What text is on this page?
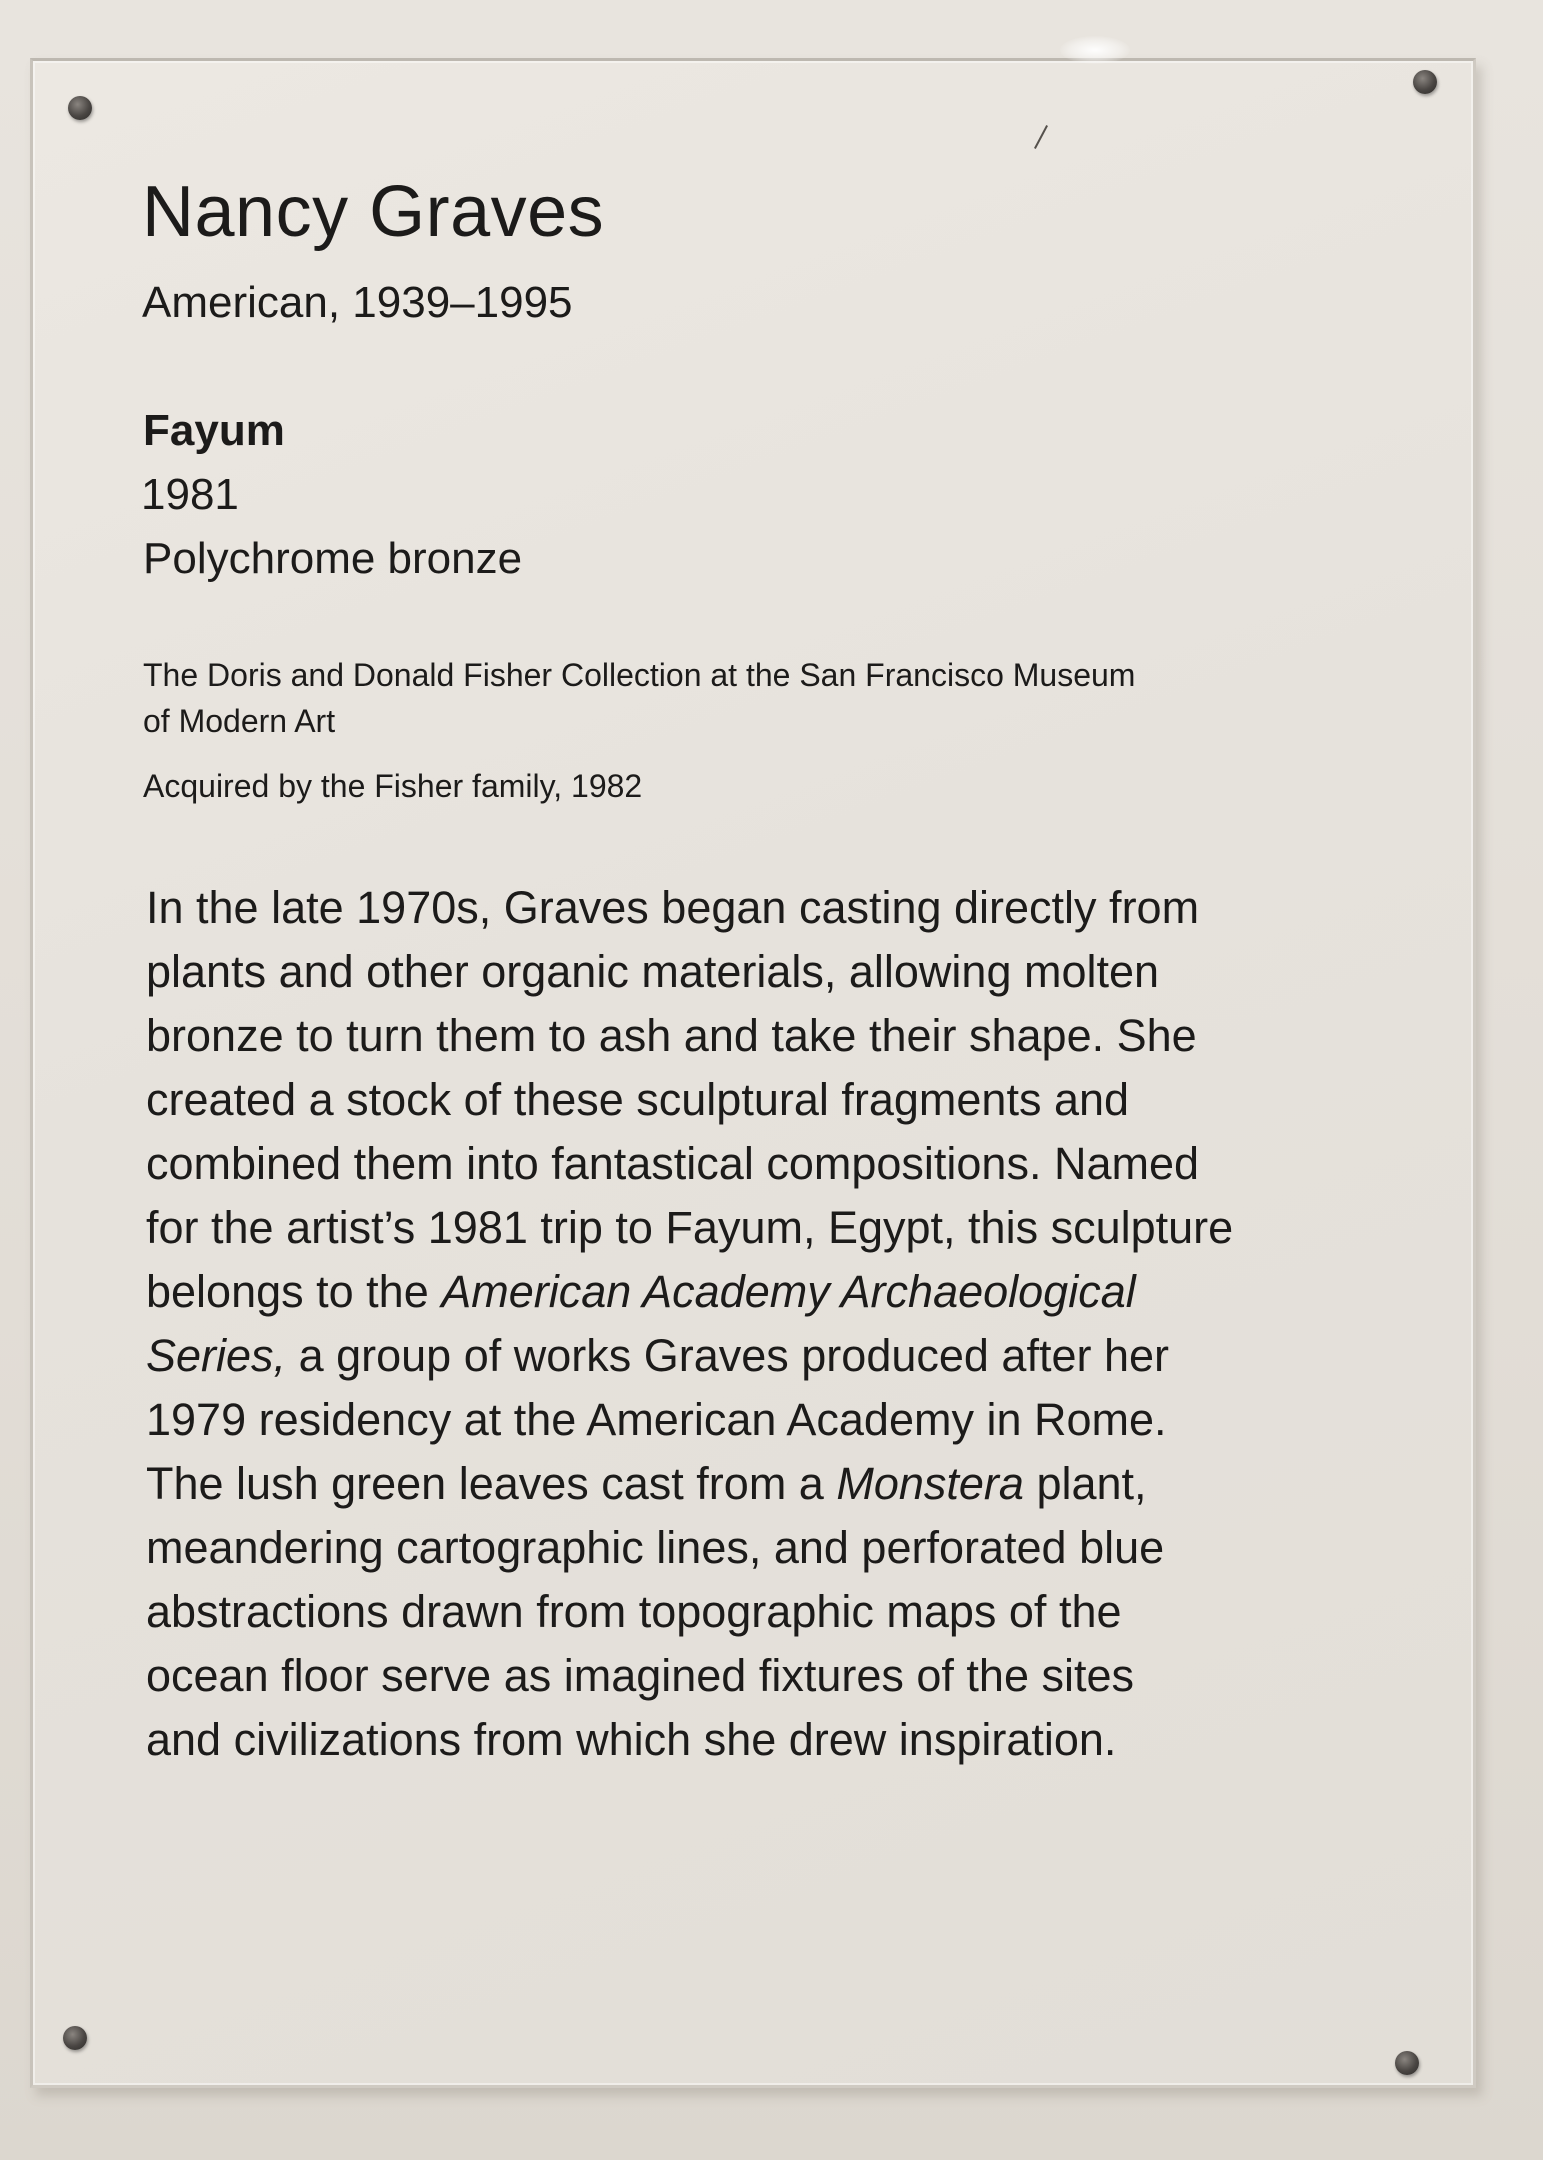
Nancy Graves
American, 1939–1995
Fayum
1981
Polychrome bronze
The Doris and Donald Fisher Collection at the San Francisco Museum
of Modern Art
Acquired by the Fisher family, 1982
In the late 1970s, Graves began casting directly from
plants and other organic materials, allowing molten
bronze to turn them to ash and take their shape. She
created a stock of these sculptural fragments and
combined them into fantastical compositions. Named
for the artist’s 1981 trip to Fayum, Egypt, this sculpture
belongs to the American Academy Archaeological
Series, a group of works Graves produced after her
1979 residency at the American Academy in Rome.
The lush green leaves cast from a Monstera plant,
meandering cartographic lines, and perforated blue
abstractions drawn from topographic maps of the
ocean floor serve as imagined fixtures of the sites
and civilizations from which she drew inspiration.
